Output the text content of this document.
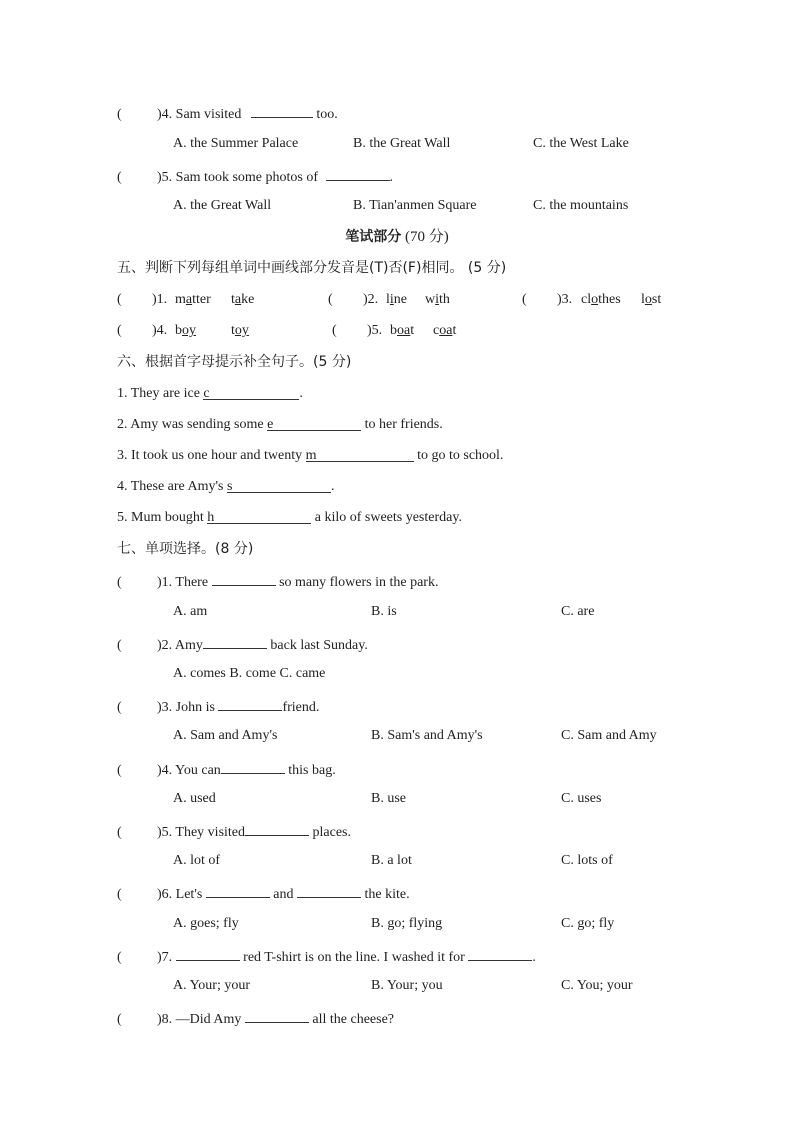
(	)4. Sam visited	too.
A. the Summer Palace	B. the Great Wall	C. the West Lake
(	)5. Sam took some photos of	.
A. the Great Wall	B. Tian'anmen Square	C. the mountains
笔试部分 (70 分)
五、判断下列每组单词中画线部分发音是(T)否(F)相同。 (5 分)
( )1. matter take	( )2. line with	( )3. clothes lost
( )4. boy	toy	( )5. boat coat
六、根据首字母提示补全句子。(5 分)
1. They are ice c	.
2. Amy was sending some e	to her friends.
3. It took us one hour and twenty m	to go to school.
4. These are Amy's s	.
5. Mum bought h	a kilo of sweets yesterday.
七、单项选择。(8 分)
(	)1. There	so many flowers in the park.
A. am	B. is	C. are
(	)2. Amy	back last Sunday.
A. comes B. come C. came
(	)3. John is	friend.
A. Sam and Amy's	B. Sam's and Amy's	C. Sam and Amy
(	)4. You can	this bag.
A. used	B. use	C. uses
(	)5. They visited	places.
A. lot of	B. a lot	C. lots of
(	)6. Let's	and	the kite.
A. goes; fly	B. go; flying	C. go; fly
(	)7.	red T-shirt is on the line. I washed it for	.
A. Your; your	B. Your; you	C. You; your
(	)8. —Did Amy	all the cheese?
